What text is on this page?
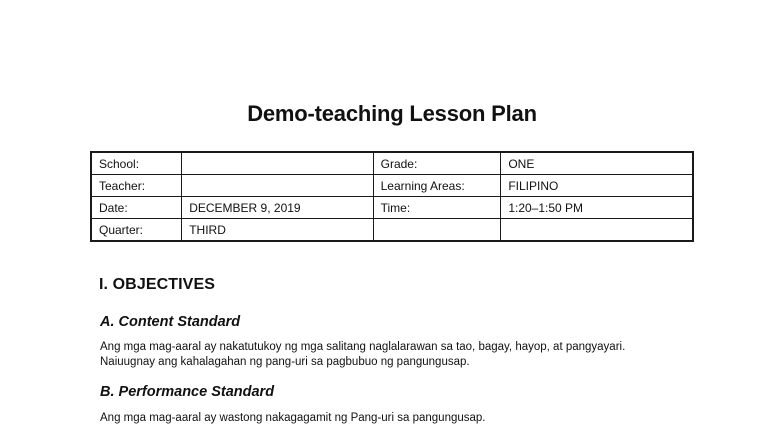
Demo-teaching Lesson Plan
School:		Grade:	ONE
Teacher:		Learning Areas:	FILIPINO
Date:	DECEMBER 9, 2019	Time:	1:20–1:50 PM
Quarter:	THIRD		
I. OBJECTIVES
A. Content Standard

Ang mga mag-aaral ay nakatutukoy ng mga salitang naglalarawan sa tao, bagay, hayop, at pangyayari.

Naiuugnay ang kahalagahan ng pang-uri sa pagbubuo ng pangungusap.

B. Performance Standard

Ang mga mag-aaral ay wastong nakagagamit ng Pang-uri sa pangungusap.
